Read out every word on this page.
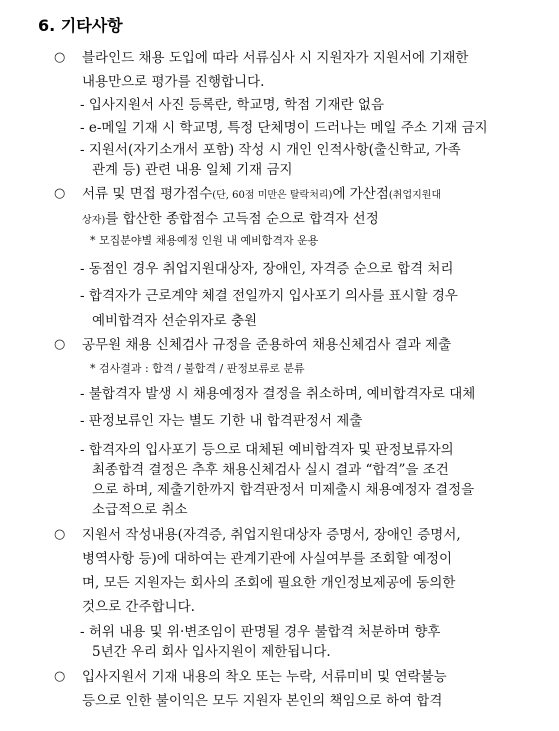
6. 기타사항
○ 블라인드 채용 도입에 따라 서류심사 시 지원자가 지원서에 기재한
내용만으로 평가를 진행합니다.
- 입사지원서 사진 등록란, 학교명, 학점 기재란 없음
- e-메일 기재 시 학교명, 특정 단체명이 드러나는 메일 주소 기재 금지
- 지원서(자기소개서 포함) 작성 시 개인 인적사항(출신학교, 가족
관계 등) 관련 내용 일체 기재 금지
○ 서류 및 면접 평가점수(단, 60점 미만은 탈락처리)에 가산점(취업지원대
상자)를 합산한 종합점수 고득점 순으로 합격자 선정
* 모집분야별 채용예정 인원 내 예비합격자 운용
- 동점인 경우 취업지원대상자, 장애인, 자격증 순으로 합격 처리
- 합격자가 근로계약 체결 전일까지 입사포기 의사를 표시할 경우
예비합격자 선순위자로 충원
○ 공무원 채용 신체검사 규정을 준용하여 채용신체검사 결과 제출
* 검사결과 : 합격 / 불합격 / 판정보류로 분류
- 불합격자 발생 시 채용예정자 결정을 취소하며, 예비합격자로 대체
- 판정보류인 자는 별도 기한 내 합격판정서 제출
- 합격자의 입사포기 등으로 대체된 예비합격자 및 판정보류자의
최종합격 결정은 추후 채용신체검사 실시 결과 “합격”을 조건
으로 하며, 제출기한까지 합격판정서 미제출시 채용예정자 결정을
소급적으로 취소
○ 지원서 작성내용(자격증, 취업지원대상자 증명서, 장애인 증명서,
병역사항 등)에 대하여는 관계기관에 사실여부를 조회할 예정이
며, 모든 지원자는 회사의 조회에 필요한 개인정보제공에 동의한
것으로 간주합니다.
- 허위 내용 및 위·변조임이 판명될 경우 불합격 처분하며 향후
5년간 우리 회사 입사지원이 제한됩니다.
○ 입사지원서 기재 내용의 착오 또는 누락, 서류미비 및 연락불능
등으로 인한 불이익은 모두 지원자 본인의 책임으로 하여 합격
